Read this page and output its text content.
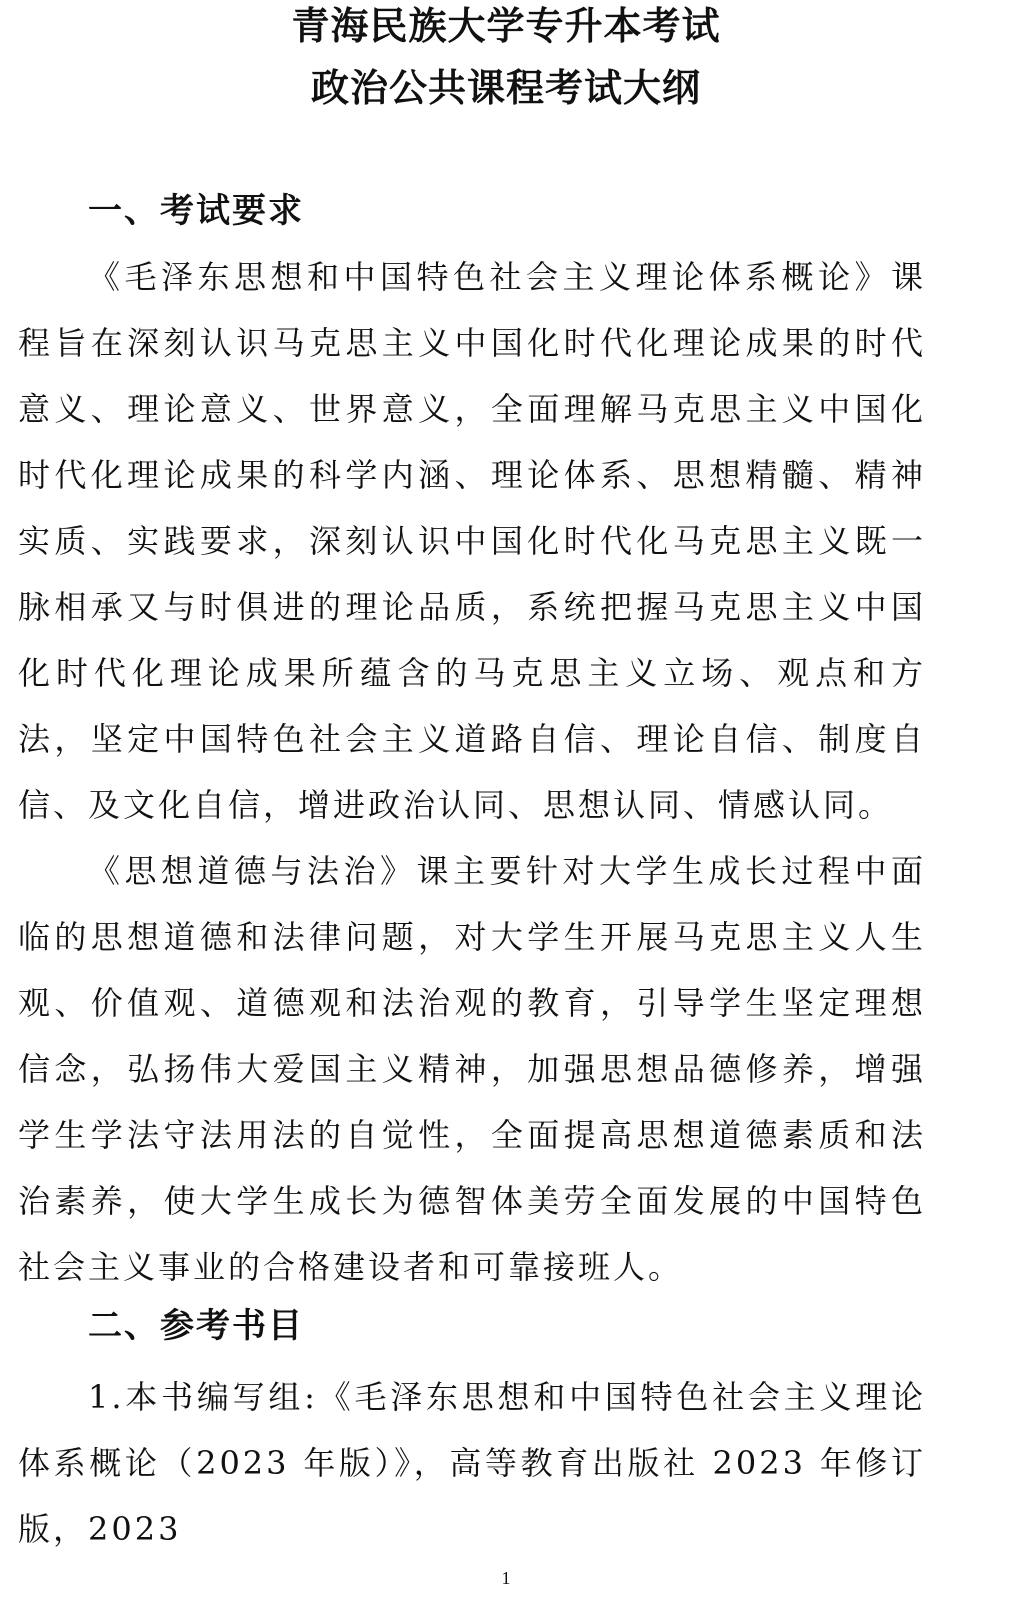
青海民族大学专升本考试
政治公共课程考试大纲
一、考试要求

《毛泽东思想和中国特色社会主义理论体系概论》课程旨在深刻认识马克思主义中国化时代化理论成果的时代意义、理论意义、世界意义，全面理解马克思主义中国化时代化理论成果的科学内涵、理论体系、思想精髓、精神实质、实践要求，深刻认识中国化时代化马克思主义既一脉相承又与时俱进的理论品质，系统把握马克思主义中国化时代化理论成果所蕴含的马克思主义立场、观点和方法，坚定中国特色社会主义道路自信、理论自信、制度自信、及文化自信，增进政治认同、思想认同、情感认同。

《思想道德与法治》课主要针对大学生成长过程中面临的思想道德和法律问题，对大学生开展马克思主义人生观、价值观、道德观和法治观的教育，引导学生坚定理想信念，弘扬伟大爱国主义精神，加强思想品德修养，增强学生学法守法用法的自觉性，全面提高思想道德素质和法治素养，使大学生成长为德智体美劳全面发展的中国特色社会主义事业的合格建设者和可靠接班人。

二、参考书目

1.本书编写组:《毛泽东思想和中国特色社会主义理论体系概论（2023 年版）》，高等教育出版社 2023 年修订版，2023

1
